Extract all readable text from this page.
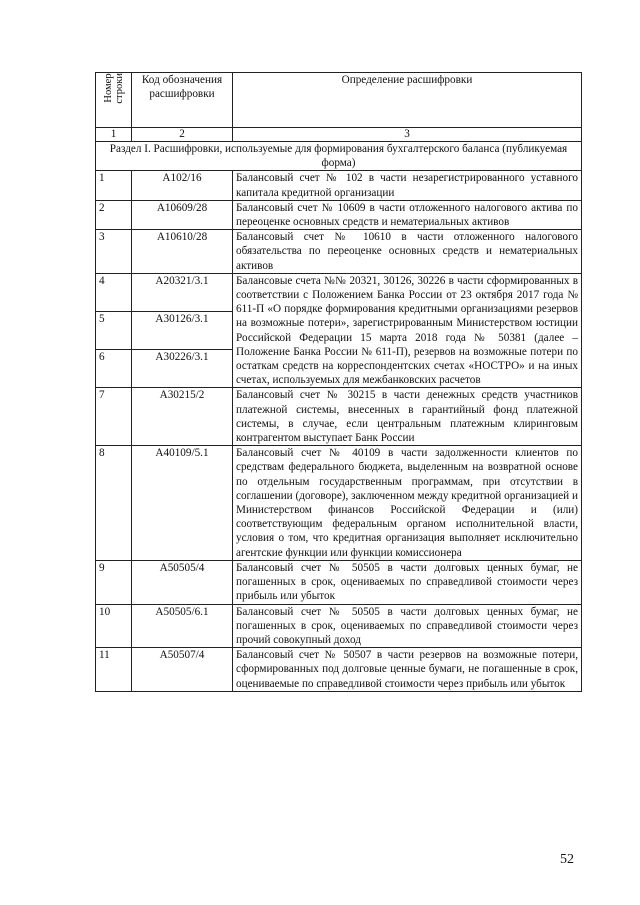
Номер
строки	Код обозначения расшифровки	Определение расшифровки
1	2	3
Раздел I. Расшифровки, используемые для формирования бухгалтерского баланса (публикуемая форма)		
1	А102/16	Балансовый счет № 102 в части незарегистрированного уставного капитала кредитной организации
2	А10609/28	Балансовый счет № 10609 в части отложенного налогового актива по переоценке основных средств и нематериальных активов
3	А10610/28	Балансовый счет № 10610 в части отложенного налогового обязательства по переоценке основных средств и нематериальных активов
4	А20321/3.1	Балансовые счета №№ 20321, 30126, 30226 в части сформированных в соответствии с Положением Банка России от 23 октября 2017 года № 611-П «О порядке формирования кредитными организациями резервов на возможные потери», зарегистрированным Министерством юстиции Российской Федерации 15 марта 2018 года № 50381 (далее – Положение Банка России № 611-П), резервов на возможные потери по остаткам средств на корреспондентских счетах «НОСТРО» и на иных счетах, используемых для межбанковских расчетов
5	А30126/3.1	
6	А30226/3.1	
7	А30215/2	Балансовый счет № 30215 в части денежных средств участников платежной системы, внесенных в гарантийный фонд платежной системы, в случае, если центральным платежным клиринговым контрагентом выступает Банк России
8	А40109/5.1	Балансовый счет № 40109 в части задолженности клиентов по средствам федерального бюджета, выделенным на возвратной основе по отдельным государственным программам, при отсутствии в соглашении (договоре), заключенном между кредитной организацией и Министерством финансов Российской Федерации и (или) соответствующим федеральным органом исполнительной власти, условия о том, что кредитная организация выполняет исключительно агентские функции или функции комиссионера
9	А50505/4	Балансовый счет № 50505 в части долговых ценных бумаг, не погашенных в срок, оцениваемых по справедливой стоимости через прибыль или убыток
10	А50505/6.1	Балансовый счет № 50505 в части долговых ценных бумаг, не погашенных в срок, оцениваемых по справедливой стоимости через прочий совокупный доход
11	А50507/4	Балансовый счет № 50507 в части резервов на возможные потери, сформированных под долговые ценные бумаги, не погашенные в срок, оцениваемые по справедливой стоимости через прибыль или убыток
52
